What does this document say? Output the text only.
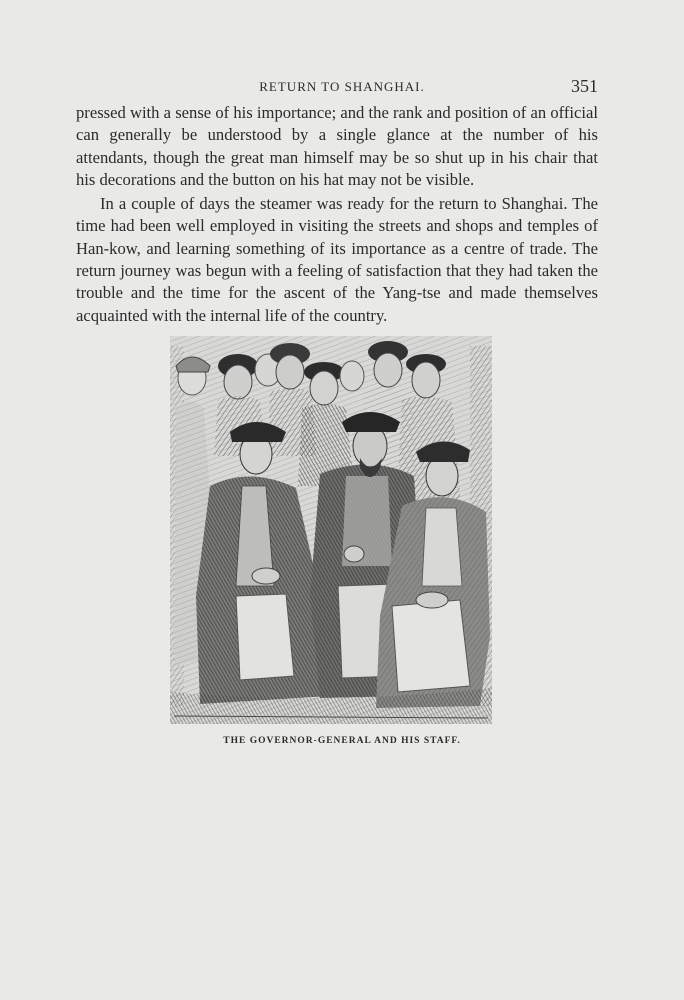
RETURN TO SHANGHAI.	351

pressed with a sense of his importance; and the rank and position of an official can generally be understood by a single glance at the number of his attendants, though the great man himself may be so shut up in his chair that his decorations and the button on his hat may not be visible.

In a couple of days the steamer was ready for the return to Shanghai. The time had been well employed in visiting the streets and shops and temples of Han-kow, and learning something of its importance as a centre of trade. The return journey was begun with a feeling of satisfaction that they had taken the trouble and the time for the ascent of the Yang-tse and made themselves acquainted with the internal life of the country.

THE GOVERNOR-GENERAL AND HIS STAFF.
